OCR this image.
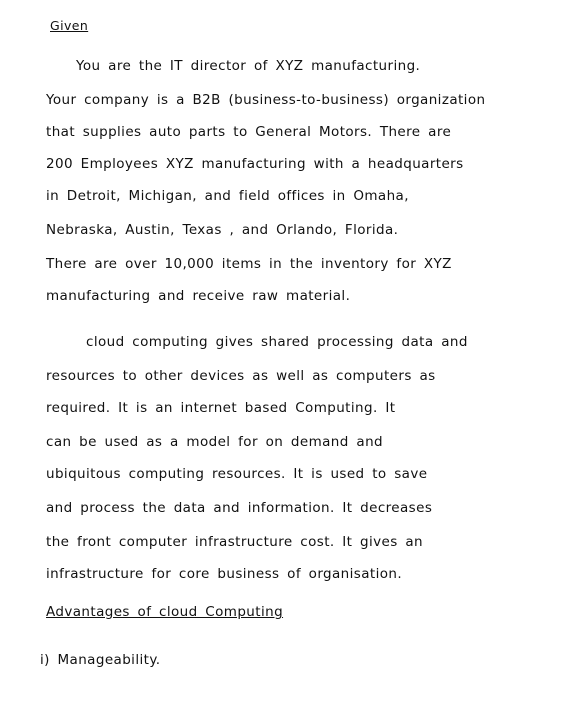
Given
You are the IT director of XYZ manufacturing.
Your company is a B2B (business-to-business) organization
that supplies auto parts to General Motors. There are
200 Employees XYZ manufacturing with a headquarters
in Detroit, Michigan, and field offices in Omaha,
Nebraska, Austin, Texas , and Orlando, Florida.
There are over 10,000 items in the inventory for XYZ
manufacturing and receive raw material.
cloud computing gives shared processing data and
resources to other devices as well as computers as
required. It is an internet based Computing. It
can be used as a model for on demand and
ubiquitous computing resources. It is used to save
and process the data and information. It decreases
the front computer infrastructure cost. It gives an
infrastructure for core business of organisation.
Advantages of cloud Computing
i) Manageability.
